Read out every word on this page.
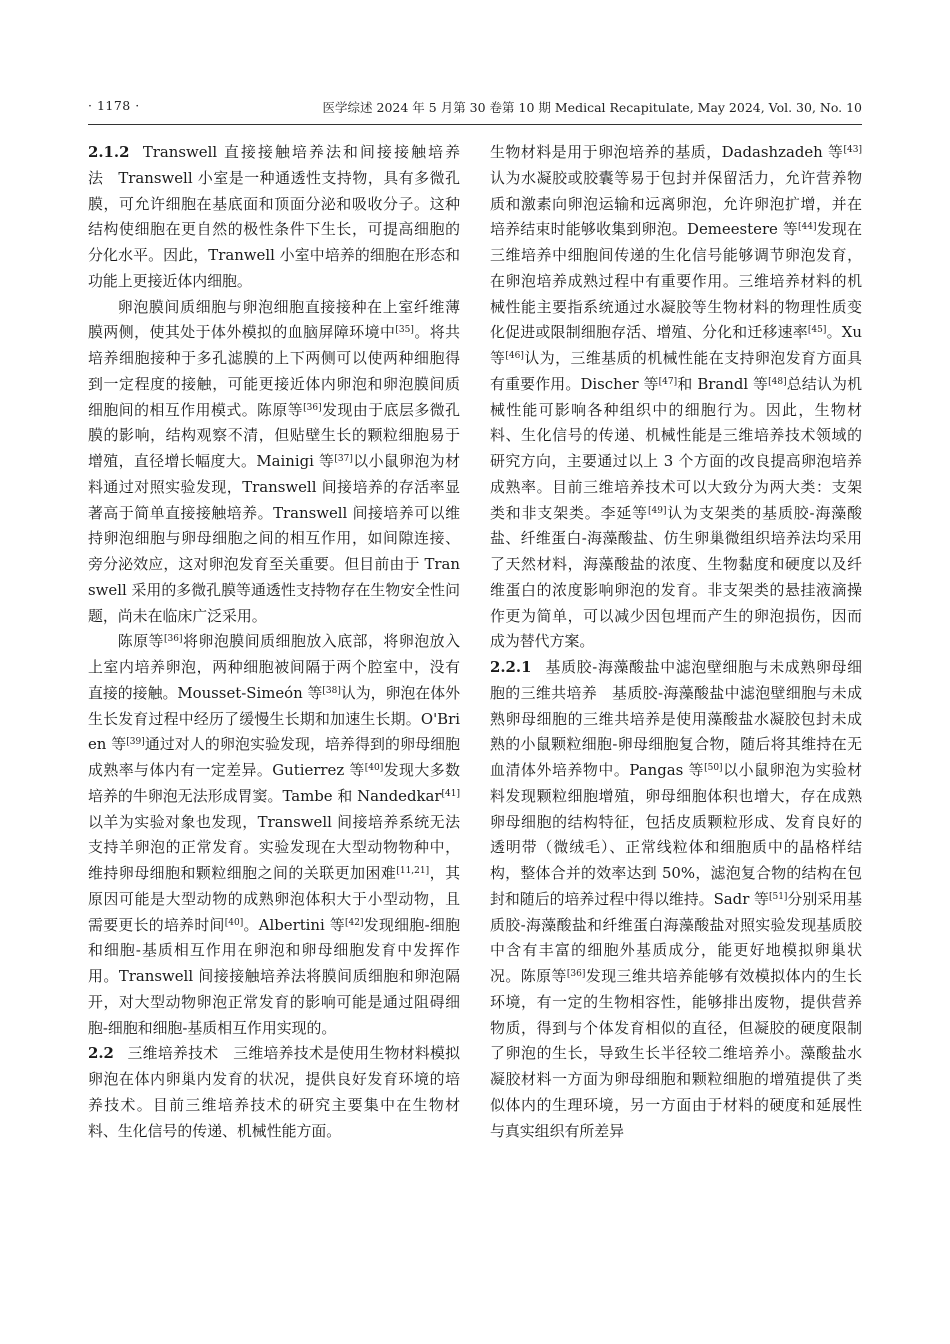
· 1178 ·	医学综述 2024 年 5 月第 30 卷第 10 期 Medical Recapitulate, May 2024, Vol. 30, No. 10

2.1.2 Transwell 直接接触培养法和间接接触培养法 Transwell 小室是一种通透性支持物，具有多微孔膜，可允许细胞在基底面和顶面分泌和吸收分子。这种结构使细胞在更自然的极性条件下生长，可提高细胞的分化水平。因此，Tranwell 小室中培养的细胞在形态和功能上更接近体内细胞。

卵泡膜间质细胞与卵泡细胞直接接种在上室纤维薄膜两侧，使其处于体外模拟的血脑屏障环境中[35]。将共培养细胞接种于多孔滤膜的上下两侧可以使两种细胞得到一定程度的接触，可能更接近体内卵泡和卵泡膜间质细胞间的相互作用模式。陈原等[36]发现由于底层多微孔膜的影响，结构观察不清，但贴壁生长的颗粒细胞易于增殖，直径增长幅度大。Mainigi 等[37]以小鼠卵泡为材料通过对照实验发现，Transwell 间接培养的存活率显著高于简单直接接触培养。Transwell 间接培养可以维持卵泡细胞与卵母细胞之间的相互作用，如间隙连接、旁分泌效应，这对卵泡发育至关重要。但目前由于 Transwell 采用的多微孔膜等通透性支持物存在生物安全性问题，尚未在临床广泛采用。

陈原等[36]将卵泡膜间质细胞放入底部，将卵泡放入上室内培养卵泡，两种细胞被间隔于两个腔室中，没有直接的接触。Mousset-Simeón 等[38]认为，卵泡在体外生长发育过程中经历了缓慢生长期和加速生长期。O'Brien 等[39]通过对人的卵泡实验发现，培养得到的卵母细胞成熟率与体内有一定差异。Gutierrez 等[40]发现大多数培养的牛卵泡无法形成胃窦。Tambe 和 Nandedkar[41]以羊为实验对象也发现，Transwell 间接培养系统无法支持羊卵泡的正常发育。实验发现在大型动物物种中，维持卵母细胞和颗粒细胞之间的关联更加困难[11,21]，其原因可能是大型动物的成熟卵泡体积大于小型动物，且需要更长的培养时间[40]。Albertini 等[42]发现细胞-细胞和细胞-基质相互作用在卵泡和卵母细胞发育中发挥作用。Transwell 间接接触培养法将膜间质细胞和卵泡隔开，对大型动物卵泡正常发育的影响可能是通过阻碍细胞-细胞和细胞-基质相互作用实现的。

2.2 三维培养技术 三维培养技术是使用生物材料模拟卵泡在体内卵巢内发育的状况，提供良好发育环境的培养技术。目前三维培养技术的研究主要集中在生物材料、生化信号的传递、机械性能方面。

生物材料是用于卵泡培养的基质，Dadashzadeh 等[43]认为水凝胶或胶囊等易于包封并保留活力，允许营养物质和激素向卵泡运输和远离卵泡，允许卵泡扩增，并在培养结束时能够收集到卵泡。Demeestere 等[44]发现在三维培养中细胞间传递的生化信号能够调节卵泡发育，在卵泡培养成熟过程中有重要作用。三维培养材料的机械性能主要指系统通过水凝胶等生物材料的物理性质变化促进或限制细胞存活、增殖、分化和迁移速率[45]。Xu 等[46]认为，三维基质的机械性能在支持卵泡发育方面具有重要作用。Discher 等[47]和 Brandl 等[48]总结认为机械性能可影响各种组织中的细胞行为。因此，生物材料、生化信号的传递、机械性能是三维培养技术领域的研究方向，主要通过以上 3 个方面的改良提高卵泡培养成熟率。目前三维培养技术可以大致分为两大类：支架类和非支架类。李延等[49]认为支架类的基质胶-海藻酸盐、纤维蛋白-海藻酸盐、仿生卵巢微组织培养法均采用了天然材料，海藻酸盐的浓度、生物黏度和硬度以及纤维蛋白的浓度影响卵泡的发育。非支架类的悬挂液滴操作更为简单，可以减少因包埋而产生的卵泡损伤，因而成为替代方案。

2.2.1 基质胶-海藻酸盐中滤泡壁细胞与未成熟卵母细胞的三维共培养 基质胶-海藻酸盐中滤泡壁细胞与未成熟卵母细胞的三维共培养是使用藻酸盐水凝胶包封未成熟的小鼠颗粒细胞-卵母细胞复合物，随后将其维持在无血清体外培养物中。Pangas 等[50]以小鼠卵泡为实验材料发现颗粒细胞增殖，卵母细胞体积也增大，存在成熟卵母细胞的结构特征，包括皮质颗粒形成、发育良好的透明带（微绒毛）、正常线粒体和细胞质中的晶格样结构，整体合并的效率达到 50%，滤泡复合物的结构在包封和随后的培养过程中得以维持。Sadr 等[51]分别采用基质胶-海藻酸盐和纤维蛋白海藻酸盐对照实验发现基质胶中含有丰富的细胞外基质成分，能更好地模拟卵巢状况。陈原等[36]发现三维共培养能够有效模拟体内的生长环境，有一定的生物相容性，能够排出废物，提供营养物质，得到与个体发育相似的直径，但凝胶的硬度限制了卵泡的生长，导致生长半径较二维培养小。藻酸盐水凝胶材料一方面为卵母细胞和颗粒细胞的增殖提供了类似体内的生理环境，另一方面由于材料的硬度和延展性与真实组织有所差异
